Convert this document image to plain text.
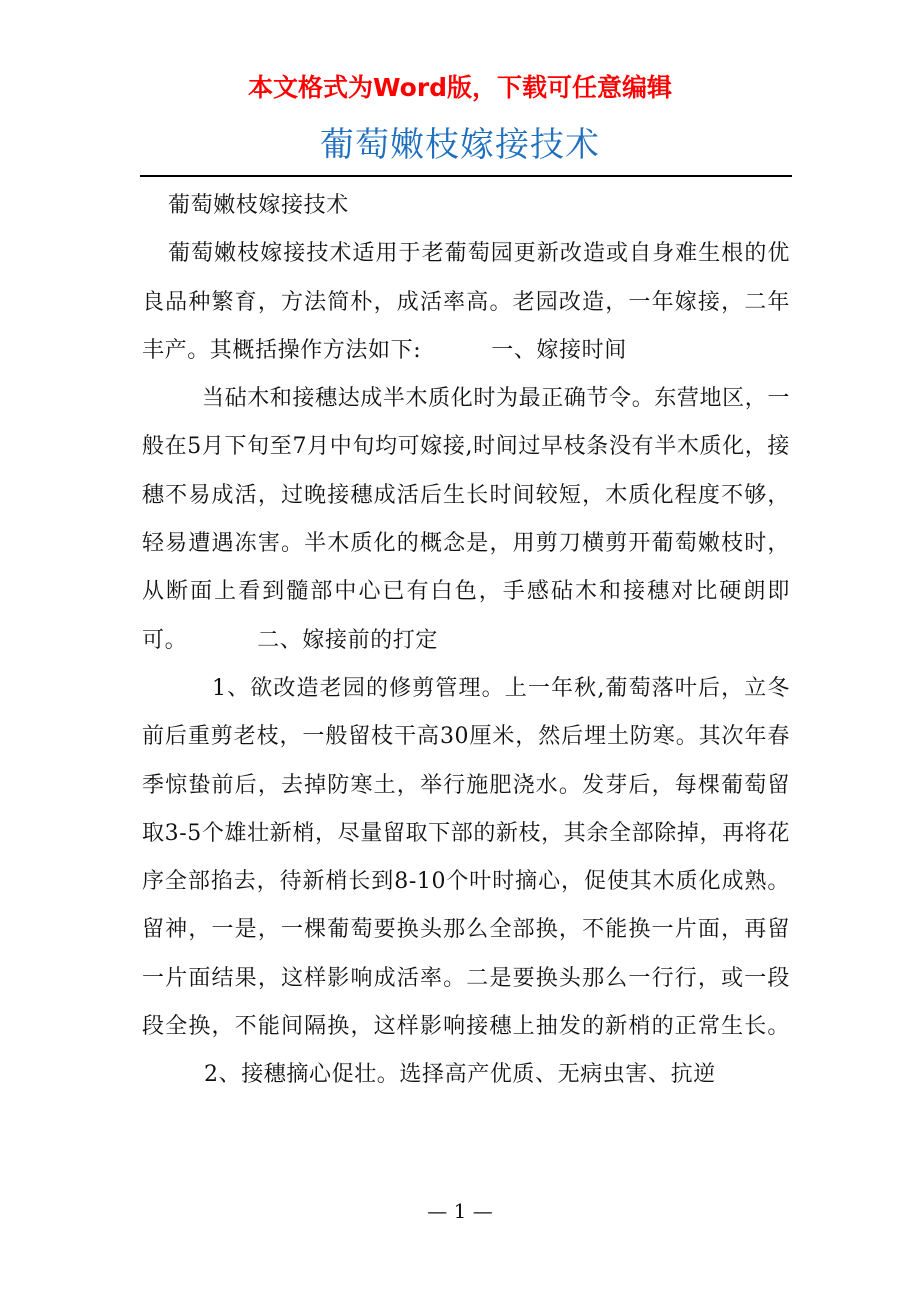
本文格式为Word版，下载可任意编辑
葡萄嫩枝嫁接技术

葡萄嫩枝嫁接技术

葡萄嫩枝嫁接技术适用于老葡萄园更新改造或自身难生根的优良品种繁育，方法简朴，成活率高。老园改造，一年嫁接，二年丰产。其概括操作方法如下:	一、嫁接时间

当砧木和接穗达成半木质化时为最正确节令。东营地区，一般在5月下旬至7月中旬均可嫁接,时间过早枝条没有半木质化，接穗不易成活，过晚接穗成活后生长时间较短，木质化程度不够，轻易遭遇冻害。半木质化的概念是，用剪刀横剪开葡萄嫩枝时，从断面上看到髓部中心已有白色，手感砧木和接穗对比硬朗即可。	二、嫁接前的打定

1、欲改造老园的修剪管理。上一年秋,葡萄落叶后，立冬前后重剪老枝，一般留枝干高30厘米，然后埋土防寒。其次年春季惊蛰前后，去掉防寒土，举行施肥浇水。发芽后，每棵葡萄留取3-5个雄壮新梢，尽量留取下部的新枝，其余全部除掉，再将花序全部掐去，待新梢长到8-10个叶时摘心，促使其木质化成熟。留神，一是，一棵葡萄要换头那么全部换，不能换一片面，再留一片面结果，这样影响成活率。二是要换头那么一行行，或一段段全换，不能间隔换，这样影响接穗上抽发的新梢的正常生长。2、接穗摘心促壮。选择高产优质、无病虫害、抗逆

— 1 —
